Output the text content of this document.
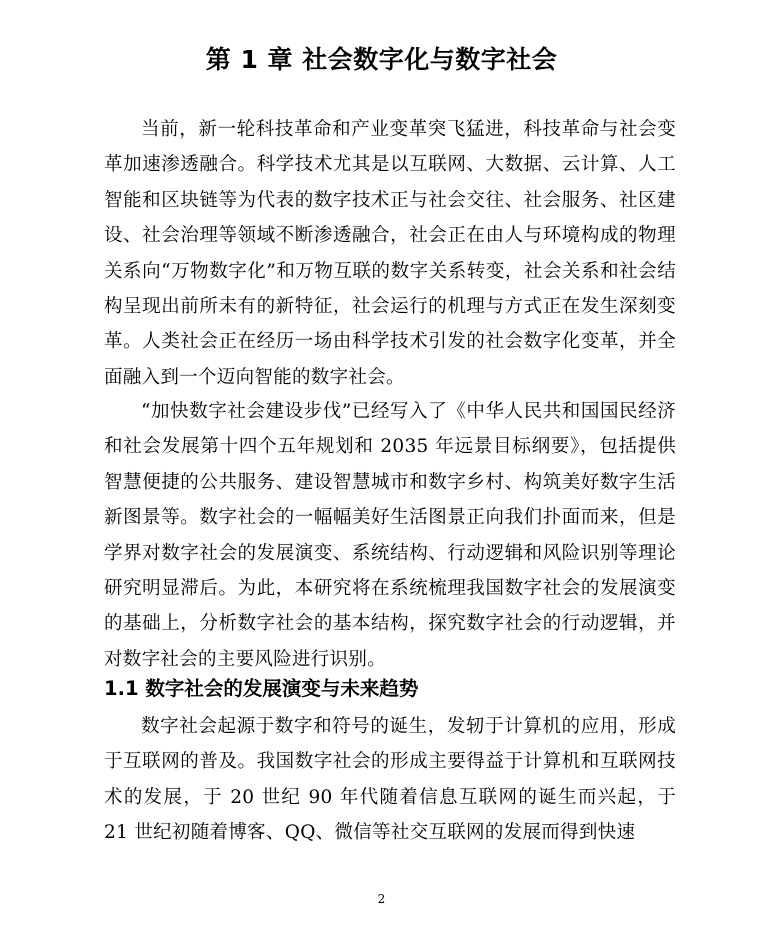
第 1 章 社会数字化与数字社会

当前，新一轮科技革命和产业变革突飞猛进，科技革命与社会变革加速渗透融合。科学技术尤其是以互联网、大数据、云计算、人工智能和区块链等为代表的数字技术正与社会交往、社会服务、社区建设、社会治理等领域不断渗透融合，社会正在由人与环境构成的物理关系向“万物数字化”和万物互联的数字关系转变，社会关系和社会结构呈现出前所未有的新特征，社会运行的机理与方式正在发生深刻变革。人类社会正在经历一场由科学技术引发的社会数字化变革，并全面融入到一个迈向智能的数字社会。

“加快数字社会建设步伐”已经写入了《中华人民共和国国民经济和社会发展第十四个五年规划和 2035 年远景目标纲要》，包括提供智慧便捷的公共服务、建设智慧城市和数字乡村、构筑美好数字生活新图景等。数字社会的一幅幅美好生活图景正向我们扑面而来，但是学界对数字社会的发展演变、系统结构、行动逻辑和风险识别等理论研究明显滞后。为此，本研究将在系统梳理我国数字社会的发展演变的基础上，分析数字社会的基本结构，探究数字社会的行动逻辑，并对数字社会的主要风险进行识别。

1.1 数字社会的发展演变与未来趋势

数字社会起源于数字和符号的诞生，发轫于计算机的应用，形成于互联网的普及。我国数字社会的形成主要得益于计算机和互联网技术的发展，于 20 世纪 90 年代随着信息互联网的诞生而兴起，于 21 世纪初随着博客、QQ、微信等社交互联网的发展而得到快速

2
